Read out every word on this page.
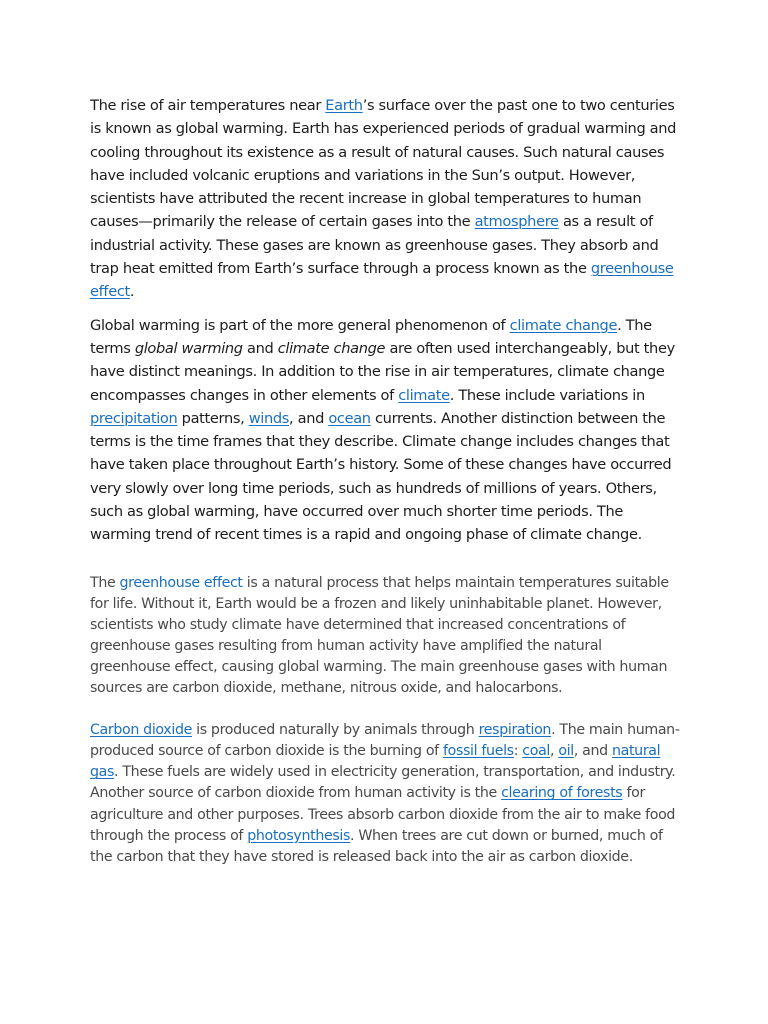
The rise of air temperatures near Earth’s surface over the past one to two centuries is known as global warming. Earth has experienced periods of gradual warming and cooling throughout its existence as a result of natural causes. Such natural causes have included volcanic eruptions and variations in the Sun’s output. However, scientists have attributed the recent increase in global temperatures to human causes—primarily the release of certain gases into the atmosphere as a result of industrial activity. These gases are known as greenhouse gases. They absorb and trap heat emitted from Earth’s surface through a process known as the greenhouse effect.

Global warming is part of the more general phenomenon of climate change. The terms global warming and climate change are often used interchangeably, but they have distinct meanings. In addition to the rise in air temperatures, climate change encompasses changes in other elements of climate. These include variations in precipitation patterns, winds, and ocean currents. Another distinction between the terms is the time frames that they describe. Climate change includes changes that have taken place throughout Earth’s history. Some of these changes have occurred very slowly over long time periods, such as hundreds of millions of years. Others, such as global warming, have occurred over much shorter time periods. The warming trend of recent times is a rapid and ongoing phase of climate change.

The greenhouse effect is a natural process that helps maintain temperatures suitable for life. Without it, Earth would be a frozen and likely uninhabitable planet. However, scientists who study climate have determined that increased concentrations of greenhouse gases resulting from human activity have amplified the natural greenhouse effect, causing global warming. The main greenhouse gases with human sources are carbon dioxide, methane, nitrous oxide, and halocarbons.

Carbon dioxide is produced naturally by animals through respiration. The main human-produced source of carbon dioxide is the burning of fossil fuels: coal, oil, and natural gas. These fuels are widely used in electricity generation, transportation, and industry. Another source of carbon dioxide from human activity is the clearing of forests for agriculture and other purposes. Trees absorb carbon dioxide from the air to make food through the process of photosynthesis. When trees are cut down or burned, much of the carbon that they have stored is released back into the air as carbon dioxide.
